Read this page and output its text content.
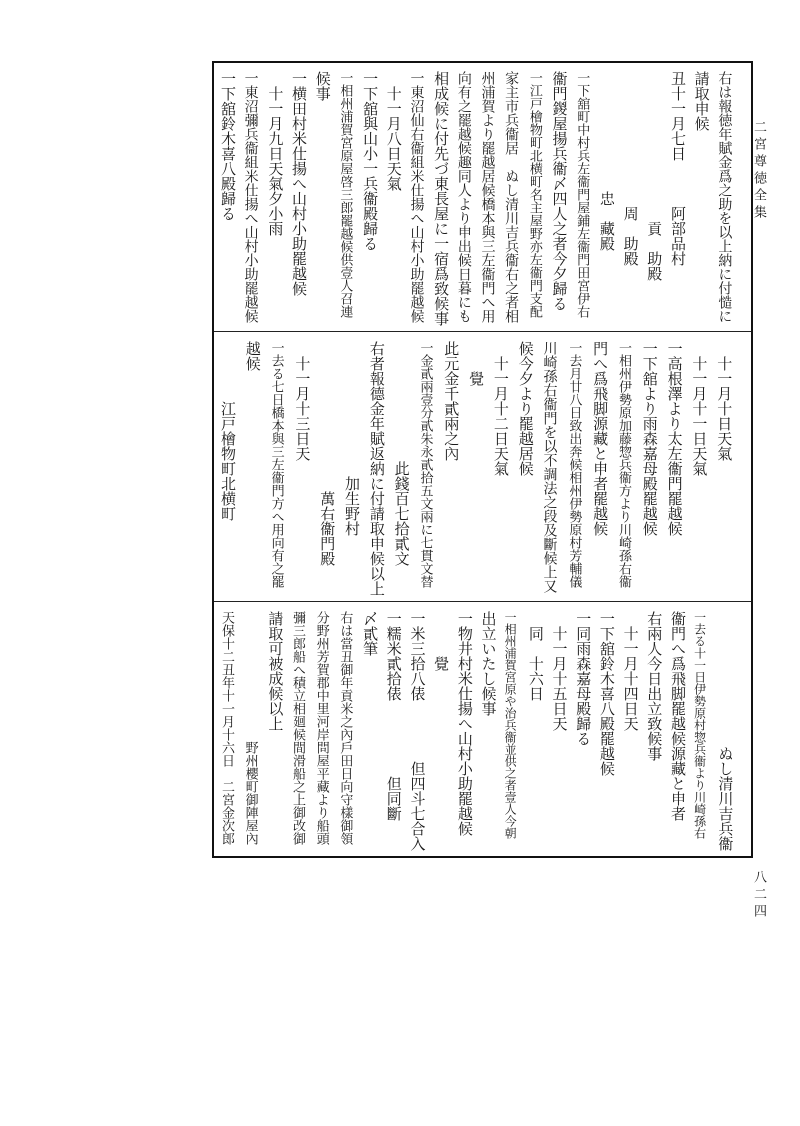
二宮尊徳全集
八二四
右は報徳年賦金爲之助を以上納に付慥に
請取申候
丑十一月七日　　　阿部品村
　　　　　　　　　　貢　助殿
　　　　　　　　　周　助殿
　　　　　　　　忠　藏殿
一下舘町中村兵左衞門屋鋪左衞門田宮伊右
衞門鍐屋揚兵衞〆四人之者今夕歸る
一江戸檜物町北横町名主屋野亦左衞門支配
家主市兵衞居　ぬし清川吉兵衞右之者相
州浦賀より罷越居候橋本與三左衞門へ用
向有之罷越候趣同人より申出候日暮にも
相成候に付先づ東長屋に一宿爲致候事
一東沼仙右衞組米仕揚へ山村小助罷越候
　十一月八日天氣
一下舘與山小一兵衞殿歸る
一相州浦賀宮原屋啓三郎罷越候供壹人召連
候事
一横田村米仕揚へ山村小助罷越候
　十一月九日天氣夕小雨
一東沼彌兵衞組米仕揚へ山村小助罷越候
一下舘鈴木喜八殿歸る
　十一月十日天氣
　十一月十一日天氣
一高根澤より太左衞門罷越候
一下舘より雨森嘉母殿罷越候
一相州伊勢原加藤惣兵衞方より川崎孫右衞
門へ爲飛脚源藏と申者罷越候
一去月廿八日致出奔候相州伊勢原村芳輔儀
川崎孫右衞門を以不調法之段及斷候上又
候今夕より罷越居候
　十一月十二日天氣
　　覺
此元金千貳兩之內
一金貳兩壹分貳朱永貳拾五文兩に七貫文替
　　　　　　　　此錢百七拾貳文
右者報德金年賦返納に付請取申候以上
　　　　　　　　　加生野村
　　　　　　　　　　萬右衞門殿
　十一月十三日天
一去る七日橋本與三左衞門方へ用向有之罷
越候
　　　　江戸檜物町北横町
　　　　　　　　　ぬし清川吉兵衞
一去る十一日伊勢原村惣兵衞より川崎孫右
衞門へ爲飛脚罷越候源藏と申者
右兩人今日出立致候事
　十一月十四日天
一下舘鈴木喜八殿罷越候
一同雨森嘉母殿歸る
　十一月十五日天
　同　十六日
一相州浦賀宮原や治兵衞並供之者壹人今朝
出立いたし候事
一物井村米仕揚へ山村小助罷越候
　　　覺
一米三拾八俵　　　　但四斗七合入
一糯米貳拾俵　　　　　但同斷
〆貳筆
右は當丑御年貢米之內戶田日向守樣御領
分野州芳賀郡中里河岸問屋平藏より船頭
彌三郎船へ積立相廻候間滑船之上御改御
請取可被成候以上
　　　　　　　　　　野州櫻町御陣屋內
天保十二丑年十一月十六日　二宮金次郎
